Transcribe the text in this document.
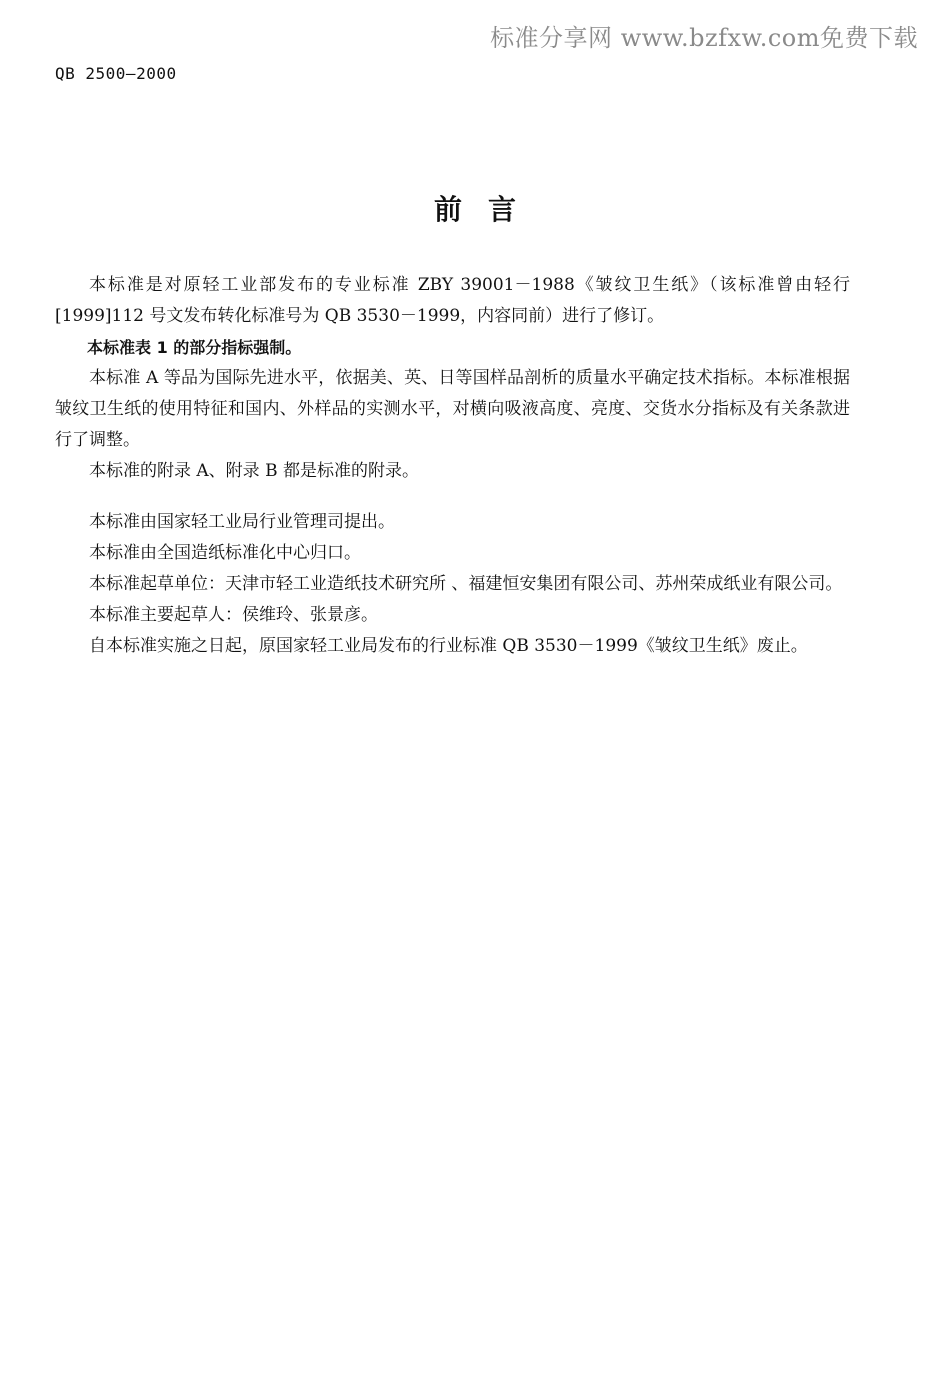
标准分享网 www.bzfxw.com免费下载
QB 2500—2000
前言

本标准是对原轻工业部发布的专业标准 ZBY 39001－1988《皱纹卫生纸》（该标准曾由轻行[1999]112 号文发布转化标准号为 QB 3530－1999，内容同前）进行了修订。

本标准表 1 的部分指标强制。

本标准 A 等品为国际先进水平，依据美、英、日等国样品剖析的质量水平确定技术指标。本标准根据皱纹卫生纸的使用特征和国内、外样品的实测水平，对横向吸液高度、亮度、交货水分指标及有关条款进行了调整。

本标准的附录 A、附录 B 都是标准的附录。

本标准由国家轻工业局行业管理司提出。

本标准由全国造纸标准化中心归口。

本标准起草单位：天津市轻工业造纸技术研究所 、福建恒安集团有限公司、苏州荣成纸业有限公司。

本标准主要起草人：侯维玲、张景彦。

自本标准实施之日起，原国家轻工业局发布的行业标准 QB 3530－1999《皱纹卫生纸》废止。
